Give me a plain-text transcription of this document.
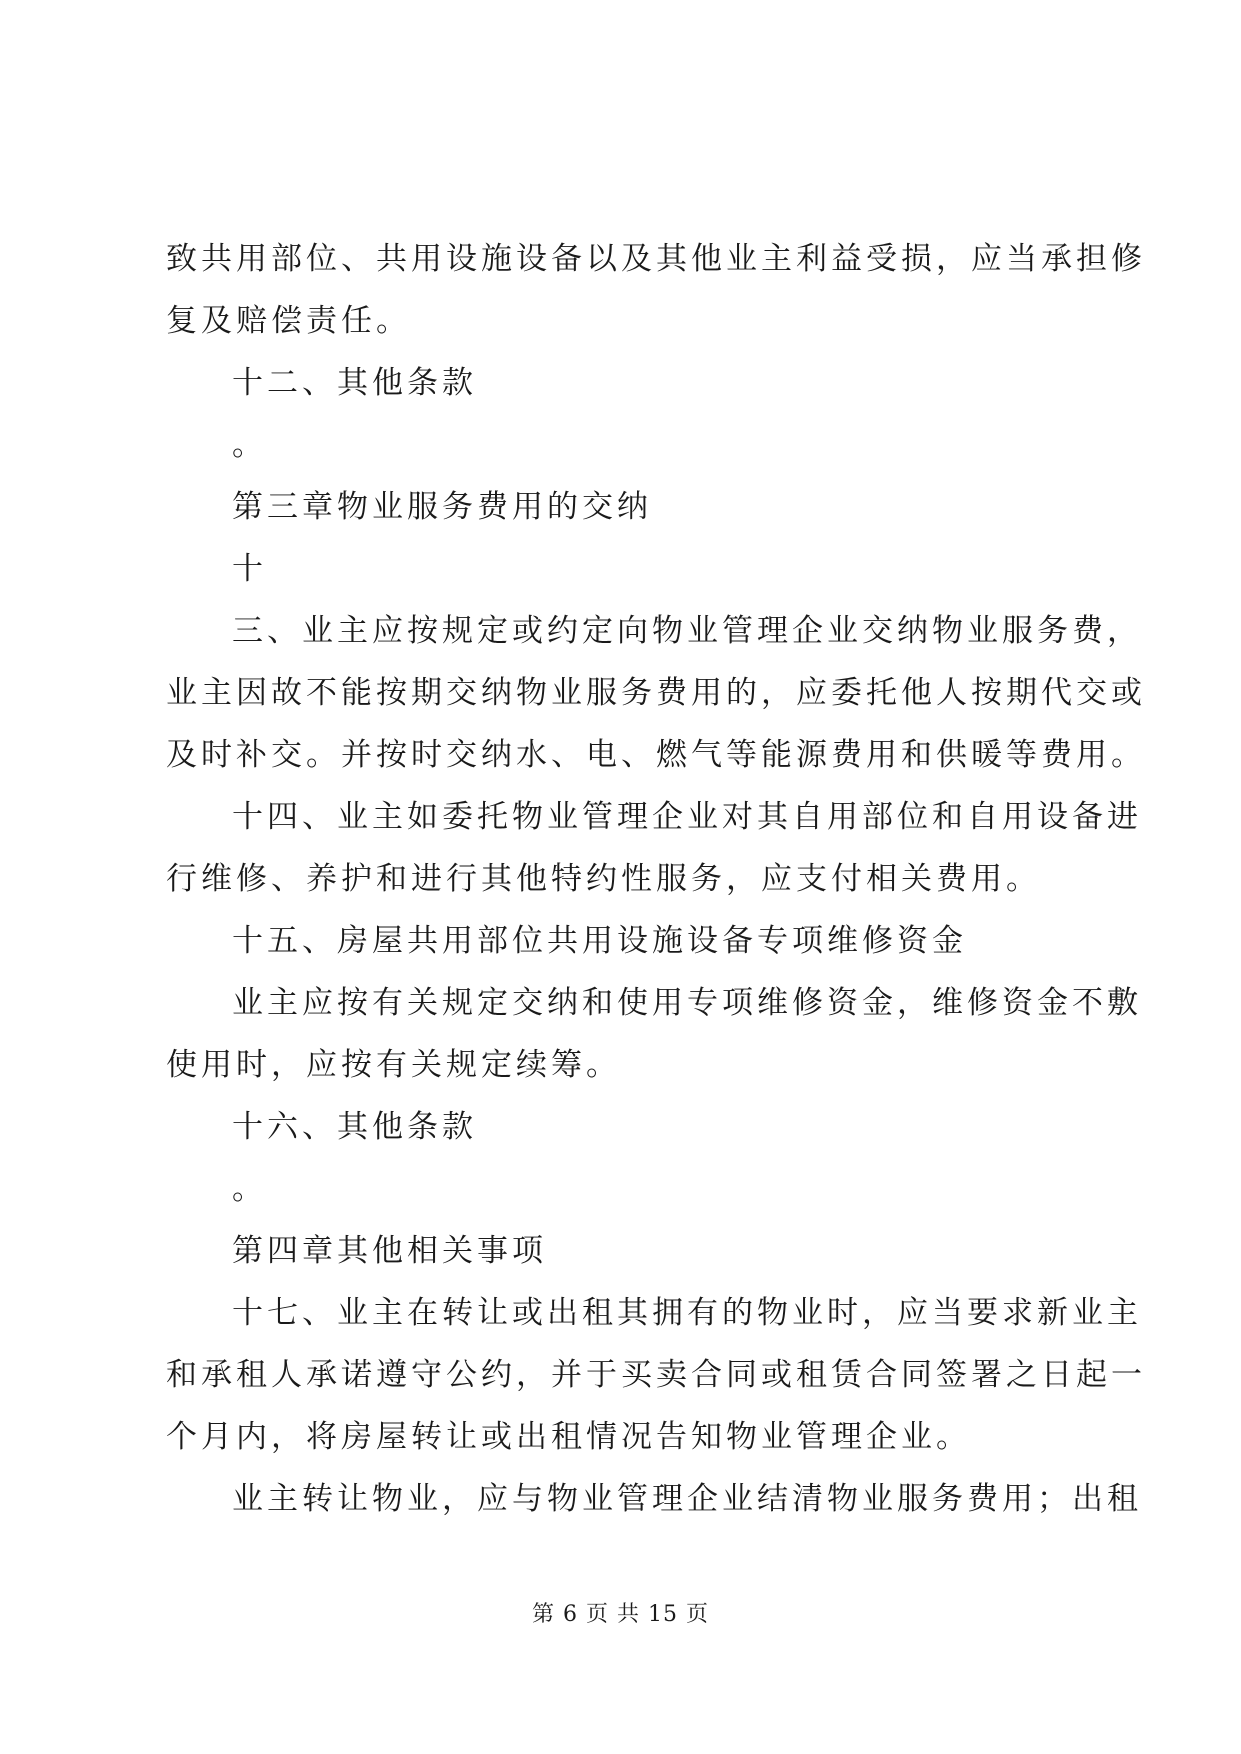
致共用部位、共用设施设备以及其他业主利益受损，应当承担修
复及赔偿责任。
十二、其他条款
。
第三章物业服务费用的交纳
十
三、业主应按规定或约定向物业管理企业交纳物业服务费，
业主因故不能按期交纳物业服务费用的，应委托他人按期代交或
及时补交。并按时交纳水、电、燃气等能源费用和供暖等费用。
十四、业主如委托物业管理企业对其自用部位和自用设备进
行维修、养护和进行其他特约性服务，应支付相关费用。
十五、房屋共用部位共用设施设备专项维修资金
业主应按有关规定交纳和使用专项维修资金，维修资金不敷
使用时，应按有关规定续筹。
十六、其他条款
。
第四章其他相关事项
十七、业主在转让或出租其拥有的物业时，应当要求新业主
和承租人承诺遵守公约，并于买卖合同或租赁合同签署之日起一
个月内，将房屋转让或出租情况告知物业管理企业。
业主转让物业，应与物业管理企业结清物业服务费用；出租
第 6 页 共 15 页
